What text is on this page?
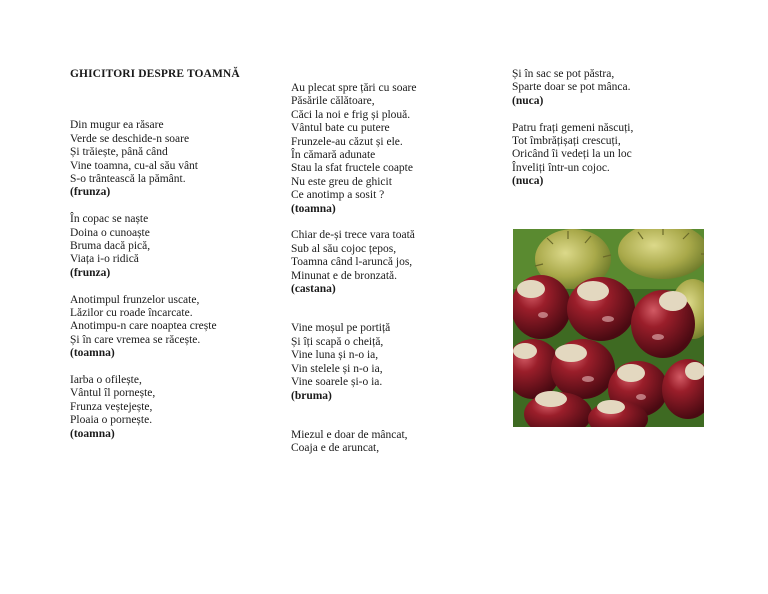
GHICITORI DESPRE TOAMNĂ
Din mugur ea răsare
Verde se deschide-n soare
Și trăiește, până când
Vine toamna, cu-al său vânt
S-o trântească la pământ.
(frunza)
În copac se naște
Doina o cunoaște
Bruma dacă pică,
Viața i-o ridică
(frunza)
Anotimpul frunzelor uscate,
Lăzilor cu roade încarcate.
Anotimpu-n care noaptea crește
Și în care vremea se răcește.
(toamna)
Iarba o ofilește,
Vântul îl pornește,
Frunza veștejește,
Ploaia o pornește.
(toamna)
Au plecat spre țări cu soare
Păsările călătoare,
Căci la noi e frig și plouă.
Vântul bate cu putere
Frunzele-au căzut și ele.
În cămară adunate
Stau la sfat fructele coapte
Nu este greu de ghicit
Ce anotimp a sosit ?
(toamna)
Chiar de-și trece vara toată
Sub al său cojoc țepos,
Toamna când l-aruncă jos,
Minunat e de bronzată.
(castana)
Vine moșul pe portiță
Și îți scapă o cheiță,
Vine luna și n-o ia,
Vin stelele și n-o ia,
Vine soarele și-o ia.
(bruma)
Miezul e doar de mâncat,
Coaja e de aruncat,
Și în sac se pot păstra,
Sparte doar se pot mânca.
(nuca)
Patru frați gemeni născuți,
Tot îmbrățișați crescuți,
Oricând îi vedeți la un loc
Înveliți într-un cojoc.
(nuca)
